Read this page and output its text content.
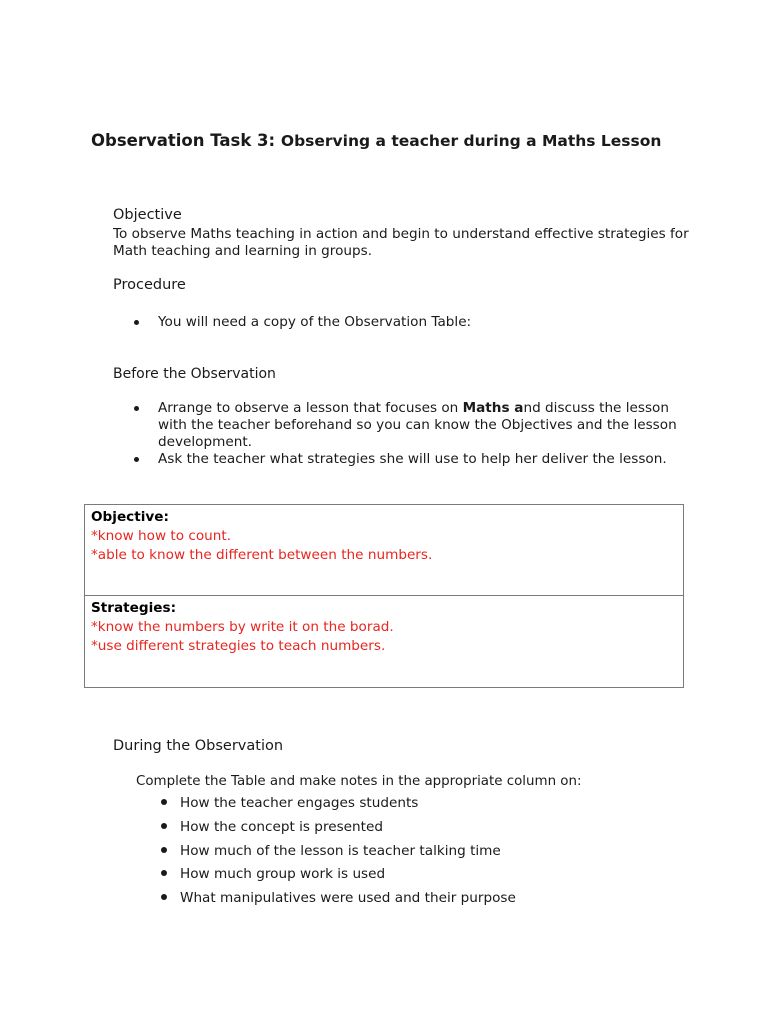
Observation Task 3: Observing a teacher during a Maths Lesson
Objective
To observe Maths teaching in action and begin to understand effective strategies for Math teaching and learning in groups.
Procedure
You will need a copy of the Observation Table:
Before the Observation
Arrange to observe a lesson that focuses on Maths and discuss the lesson with the teacher beforehand so you can know the Objectives and the lesson development.
Ask the teacher what strategies she will use to help her deliver the lesson.
Objective:
*know how to count.
*able to know the different between the numbers.
Strategies:
*know the numbers by write it on the borad.
*use different strategies to teach numbers.
During the Observation
Complete the Table and make notes in the appropriate column on:
How the teacher engages students
How the concept is presented
How much of the lesson is teacher talking time
How much group work is used
What manipulatives were used and their purpose
